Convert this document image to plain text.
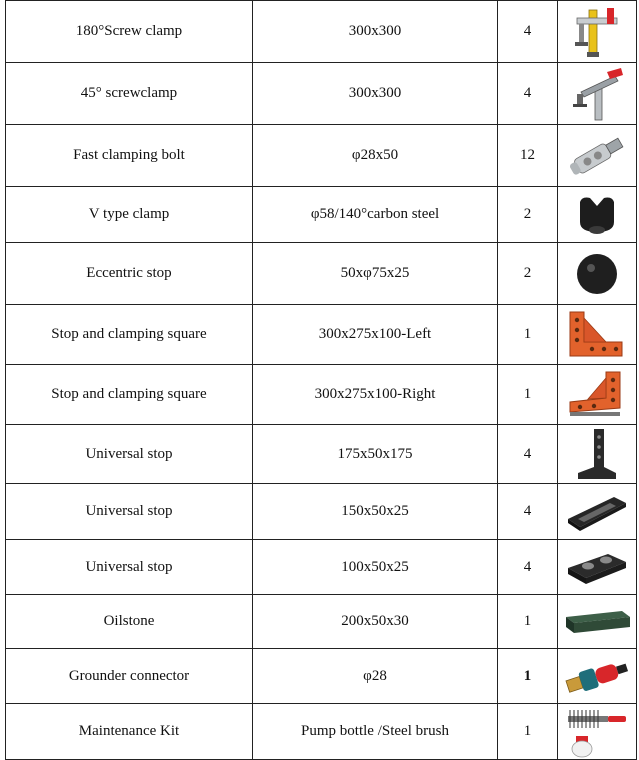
180°Screw clamp	300x300	4	

45° screwclamp	300x300	4	

Fast clamping bolt	φ28x50	12	

V type clamp	φ58/140°carbon steel	2	

Eccentric stop	50xφ75x25	2	

Stop and clamping square	300x275x100-Left	1	

Stop and clamping square	300x275x100-Right	1	

Universal stop	175x50x175	4	

Universal stop	150x50x25	4	

Universal stop	100x50x25	4	

Oilstone	200x50x30	1	

Grounder connector	φ28	1	

Maintenance Kit	Pump bottle /Steel brush	1	
